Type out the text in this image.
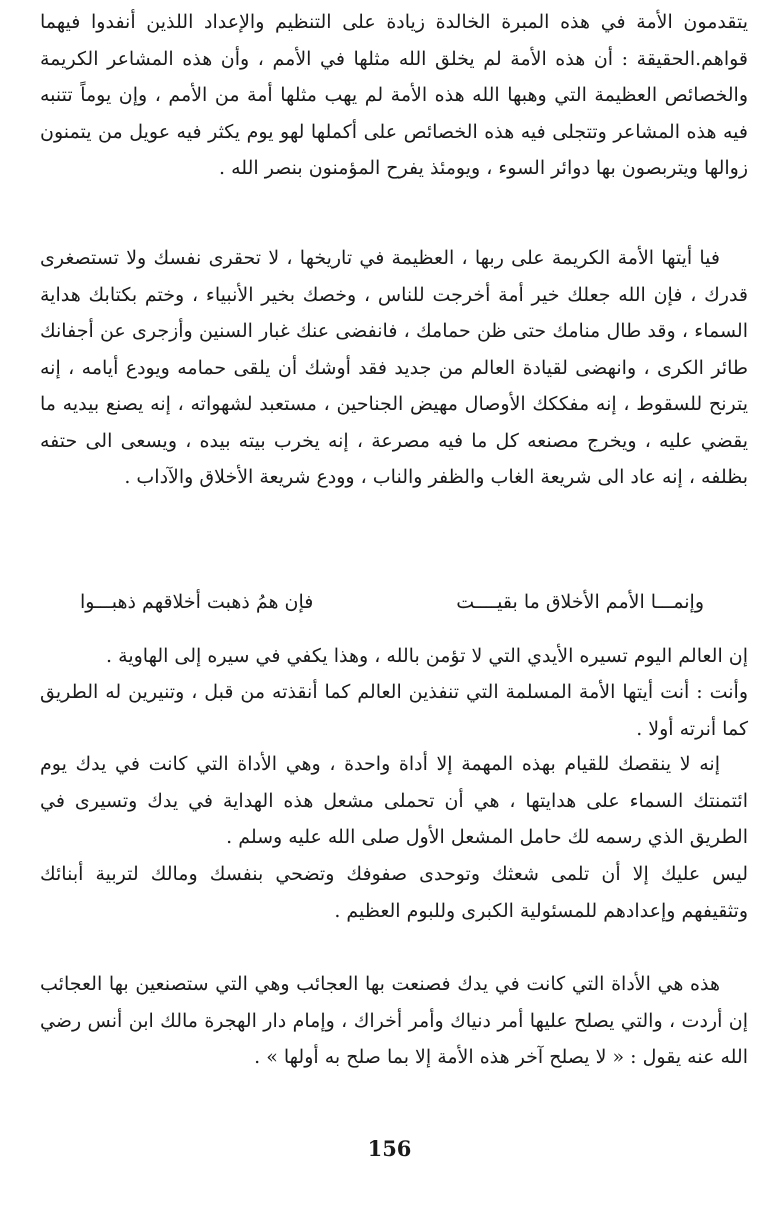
يتقدمون الأمة في هذه المبرة الخالدة زيادة على التنظيم والإعداد اللذين أنفدوا فيهما قواهم.الحقيقة : أن هذه الأمة لم يخلق الله مثلها في الأمم ، وأن هذه المشاعر الكريمة والخصائص العظيمة التي وهبها الله هذه الأمة لم يهب مثلها أمة من الأمم ، وإن يوماً تتنبه فيه هذه المشاعر وتتجلى فيه هذه الخصائص على أكملها لهو يوم يكثر فيه عويل من يتمنون زوالها ويتربصون بها دوائر السوء ، ويومئذ يفرح المؤمنون بنصر الله .

فيا أيتها الأمة الكريمة على ربها ، العظيمة في تاريخها ، لا تحقرى نفسك ولا تستصغرى قدرك ، فإن الله جعلك خير أمة أخرجت للناس ، وخصك بخير الأنبياء ، وختم بكتابك هداية السماء ، وقد طال منامك حتى ظن حمامك ، فانفضى عنك غبار السنين وأزجرى عن أجفانك طائر الكرى ، وانهضى لقيادة العالم من جديد فقد أوشك أن يلقى حمامه ويودع أيامه ، إنه يترنح للسقوط ، إنه مفككك الأوصال مهيض الجناحين ، مستعبد لشهواته ، إنه يصنع بيديه ما يقضي عليه ، ويخرج مصنعه كل ما فيه مصرعة ، إنه يخرب بيته بيده ، ويسعى الى حتفه بظلفه ، إنه عاد الى شريعة الغاب والظفر والناب ، وودع شريعة الأخلاق والآداب .

وإنمـــا الأمم الأخلاق ما بقيــــت
فإن همُ ذهبت أخلاقهم ذهبـــوا

إن العالم اليوم تسيره الأيدي التي لا تؤمن بالله ، وهذا يكفي في سيره إلى الهاوية .

وأنت : أنت أيتها الأمة المسلمة التي تنفذين العالم كما أنقذته من قبل ، وتنيرين له الطريق كما أنرته أولا .

إنه لا ينقصك للقيام بهذه المهمة إلا أداة واحدة ، وهي الأداة التي كانت في يدك يوم ائتمنتك السماء على هدايتها ، هي أن تحملى مشعل هذه الهداية في يدك وتسيرى في الطريق الذي رسمه لك حامل المشعل الأول صلى الله عليه وسلم .

ليس عليك إلا أن تلمى شعثك وتوحدى صفوفك وتضحي بنفسك ومالك لتربية أبنائك وتثقيفهم وإعدادهم للمسئولية الكبرى وللبوم العظيم .

هذه هي الأداة التي كانت في يدك فصنعت بها العجائب وهي التي ستصنعين بها العجائب إن أردت ، والتي يصلح عليها أمر دنياك وأمر أخراك ، وإمام دار الهجرة مالك ابن أنس رضي الله عنه يقول : « لا يصلح آخر هذه الأمة إلا بما صلح به أولها » .

156
